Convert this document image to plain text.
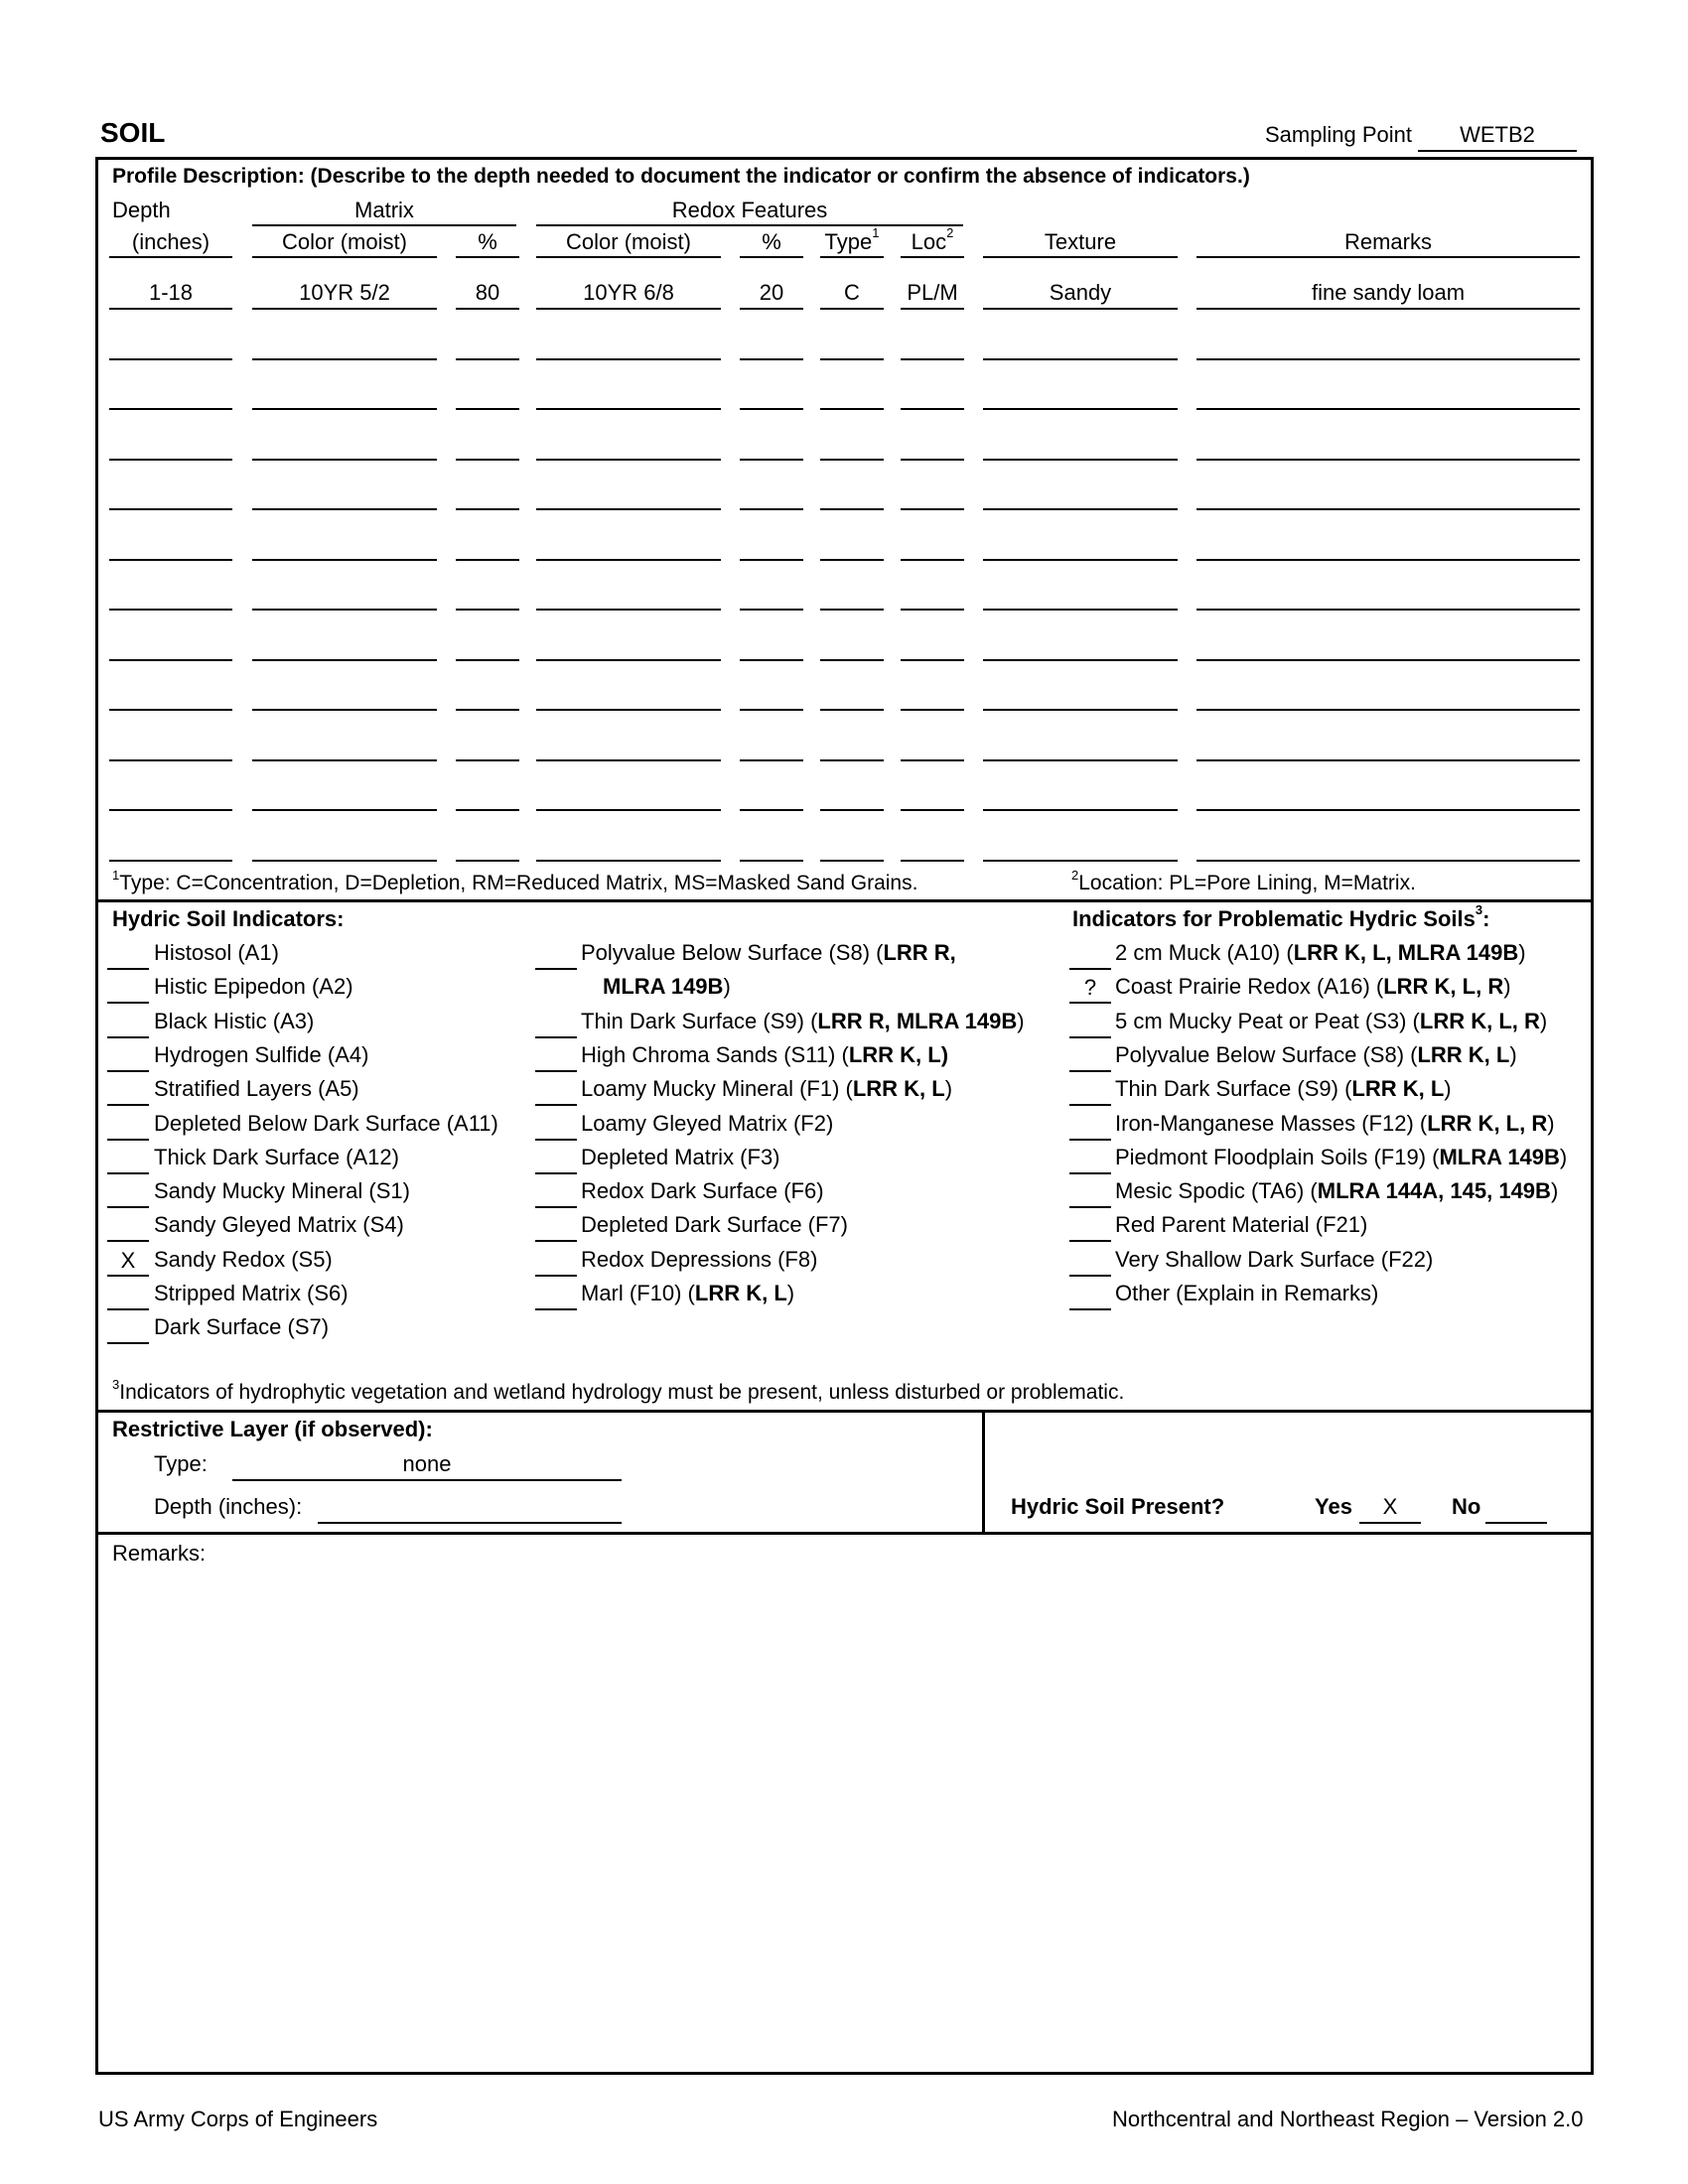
SOIL	Sampling Point	WETB2
Profile Description: (Describe to the depth needed to document the indicator or confirm the absence of indicators.)
Depth	Matrix	Redox Features
(inches)	Color (moist)	%	Color (moist)	%	Type$^1$	Loc$^2$	Texture	Remarks
1-18	10YR 5/2	80	10YR 6/8	20	C	PL/M	Sandy	fine sandy loam
$^1$Type: C=Concentration, D=Depletion, RM=Reduced Matrix, MS=Masked Sand Grains.	$^2$Location: PL=Pore Lining, M=Matrix.
Hydric Soil Indicators:	Indicators for Problematic Hydric Soils$^3$:
Histosol (A1)
Histic Epipedon (A2)
Black Histic (A3)
Hydrogen Sulfide (A4)
Stratified Layers (A5)
Depleted Below Dark Surface (A11)
Thick Dark Surface (A12)
Sandy Mucky Mineral (S1)
Sandy Gleyed Matrix (S4)
X Sandy Redox (S5)
Stripped Matrix (S6)
Dark Surface (S7)
Polyvalue Below Surface (S8) (LRR R,
MLRA 149B)
Thin Dark Surface (S9) (LRR R, MLRA 149B)
High Chroma Sands (S11) (LRR K, L)
Loamy Mucky Mineral (F1) (LRR K, L)
Loamy Gleyed Matrix (F2)
Depleted Matrix (F3)
Redox Dark Surface (F6)
Depleted Dark Surface (F7)
Redox Depressions (F8)
Marl (F10) (LRR K, L)
2 cm Muck (A10) (LRR K, L, MLRA 149B)
? Coast Prairie Redox (A16) (LRR K, L, R)
5 cm Mucky Peat or Peat (S3) (LRR K, L, R)
Polyvalue Below Surface (S8) (LRR K, L)
Thin Dark Surface (S9) (LRR K, L)
Iron-Manganese Masses (F12) (LRR K, L, R)
Piedmont Floodplain Soils (F19) (MLRA 149B)
Mesic Spodic (TA6) (MLRA 144A, 145, 149B)
Red Parent Material (F21)
Very Shallow Dark Surface (F22)
Other (Explain in Remarks)
$^3$Indicators of hydrophytic vegetation and wetland hydrology must be present, unless disturbed or problematic.
Restrictive Layer (if observed):
Type:	none
Depth (inches):	Hydric Soil Present?	Yes	X	No
Remarks:
US Army Corps of Engineers	Northcentral and Northeast Region – Version 2.0
